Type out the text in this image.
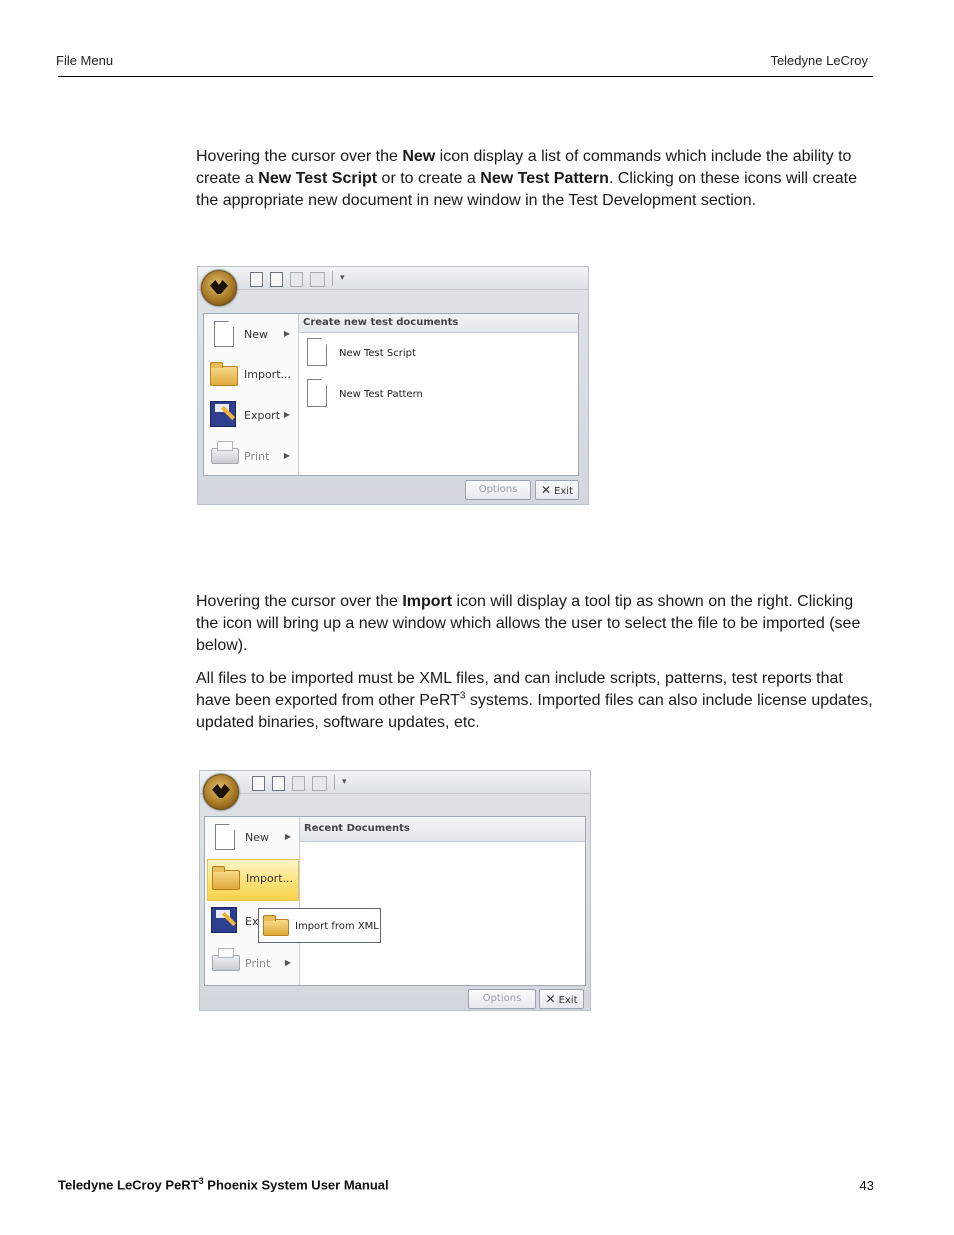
File Menu	Teledyne LeCroy
Hovering the cursor over the New icon display a list of commands which include the ability to create a New Test Script or to create a New Test Pattern. Clicking on these icons will create the appropriate new document in new window in the Test Development section.
▾
New ▶
Import...
Export ▶
Print ▶
Create new test documents
New Test Script
New Test Pattern
Options	✕ Exit
Hovering the cursor over the Import icon will display a tool tip as shown on the right. Clicking the icon will bring up a new window which allows the user to select the file to be imported (see below).
All files to be imported must be XML files, and can include scripts, patterns, test reports that have been exported from other PeRT$^3$ systems. Imported files can also include license updates, updated binaries, software updates, etc.
▾
New ▶
Import...
Ex
Print ▶
Recent Documents
Import from XML
Options	✕ Exit
Teledyne LeCroy PeRT$^3$ Phoenix System User Manual	43
